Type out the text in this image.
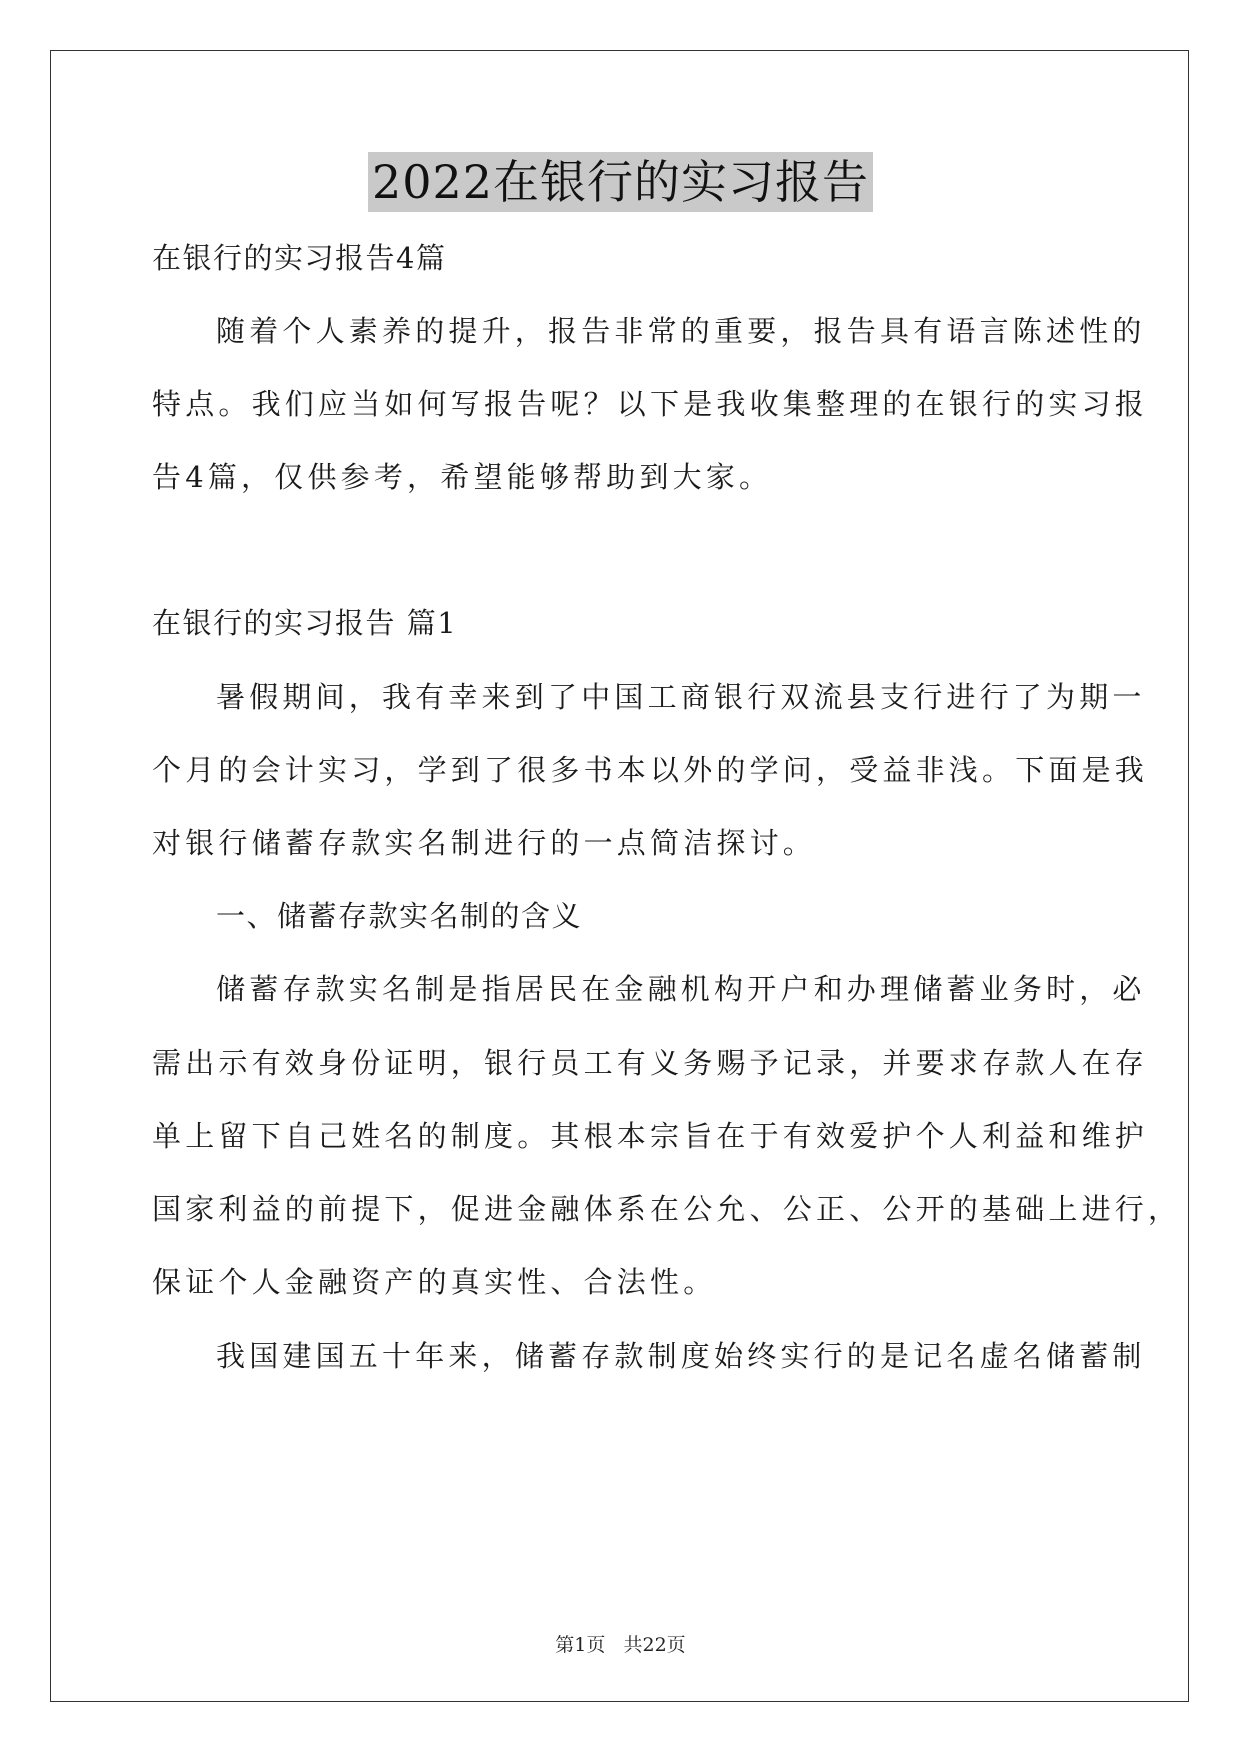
2022在银行的实习报告
在银行的实习报告4篇
随着个人素养的提升，报告非常的重要，报告具有语言陈述性的
特点。我们应当如何写报告呢？以下是我收集整理的在银行的实习报
告4篇，仅供参考，希望能够帮助到大家。
在银行的实习报告 篇1
暑假期间，我有幸来到了中国工商银行双流县支行进行了为期一
个月的会计实习，学到了很多书本以外的学问，受益非浅。下面是我
对银行储蓄存款实名制进行的一点简洁探讨。
一、储蓄存款实名制的含义
储蓄存款实名制是指居民在金融机构开户和办理储蓄业务时，必
需出示有效身份证明，银行员工有义务赐予记录，并要求存款人在存
单上留下自己姓名的制度。其根本宗旨在于有效爱护个人利益和维护
国家利益的前提下，促进金融体系在公允、公正、公开的基础上进行，
保证个人金融资产的真实性、合法性。
我国建国五十年来，储蓄存款制度始终实行的是记名虚名储蓄制
第1页   共22页
